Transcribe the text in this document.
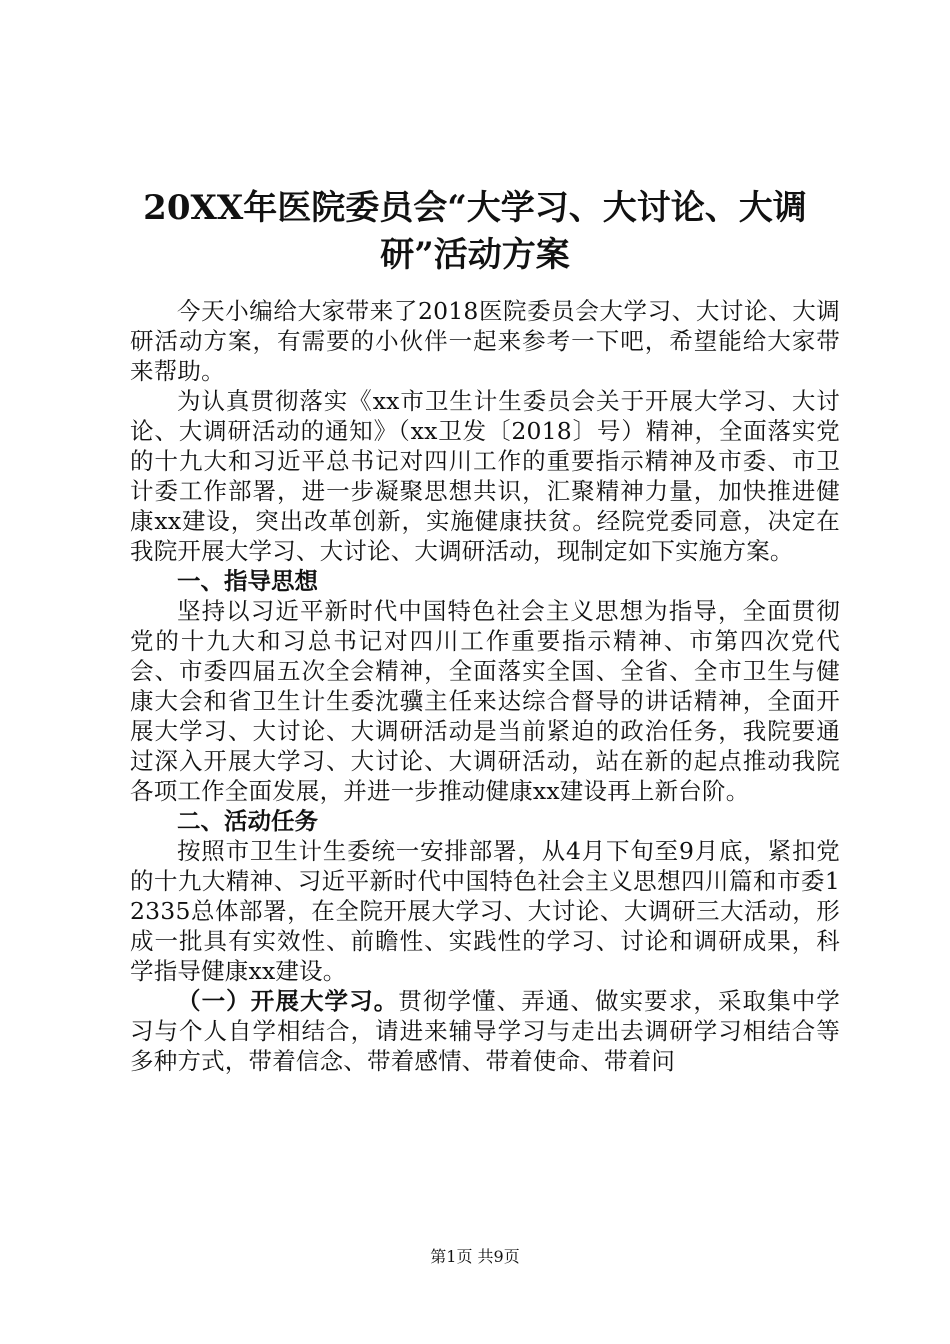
20XX年医院委员会“大学习、大讨论、大调
研”活动方案

今天小编给大家带来了2018医院委员会大学习、大讨论、大调研活动方案，有需要的小伙伴一起来参考一下吧，希望能给大家带来帮助。

为认真贯彻落实《xx市卫生计生委员会关于开展大学习、大讨论、大调研活动的通知》（xx卫发〔2018〕号）精神，全面落实党的十九大和习近平总书记对四川工作的重要指示精神及市委、市卫计委工作部署，进一步凝聚思想共识，汇聚精神力量，加快推进健康xx建设，突出改革创新，实施健康扶贫。经院党委同意，决定在我院开展大学习、大讨论、大调研活动，现制定如下实施方案。

一、指导思想

坚持以习近平新时代中国特色社会主义思想为指导，全面贯彻党的十九大和习总书记对四川工作重要指示精神、市第四次党代会、市委四届五次全会精神，全面落实全国、全省、全市卫生与健康大会和省卫生计生委沈骥主任来达综合督导的讲话精神，全面开展大学习、大讨论、大调研活动是当前紧迫的政治任务，我院要通过深入开展大学习、大讨论、大调研活动，站在新的起点推动我院各项工作全面发展，并进一步推动健康xx建设再上新台阶。

二、活动任务

按照市卫生计生委统一安排部署，从4月下旬至9月底，紧扣党的十九大精神、习近平新时代中国特色社会主义思想四川篇和市委12335总体部署，在全院开展大学习、大讨论、大调研三大活动，形成一批具有实效性、前瞻性、实践性的学习、讨论和调研成果，科学指导健康xx建设。

（一）开展大学习。贯彻学懂、弄通、做实要求，采取集中学习与个人自学相结合，请进来辅导学习与走出去调研学习相结合等多种方式，带着信念、带着感情、带着使命、带着问

第1页 共9页
